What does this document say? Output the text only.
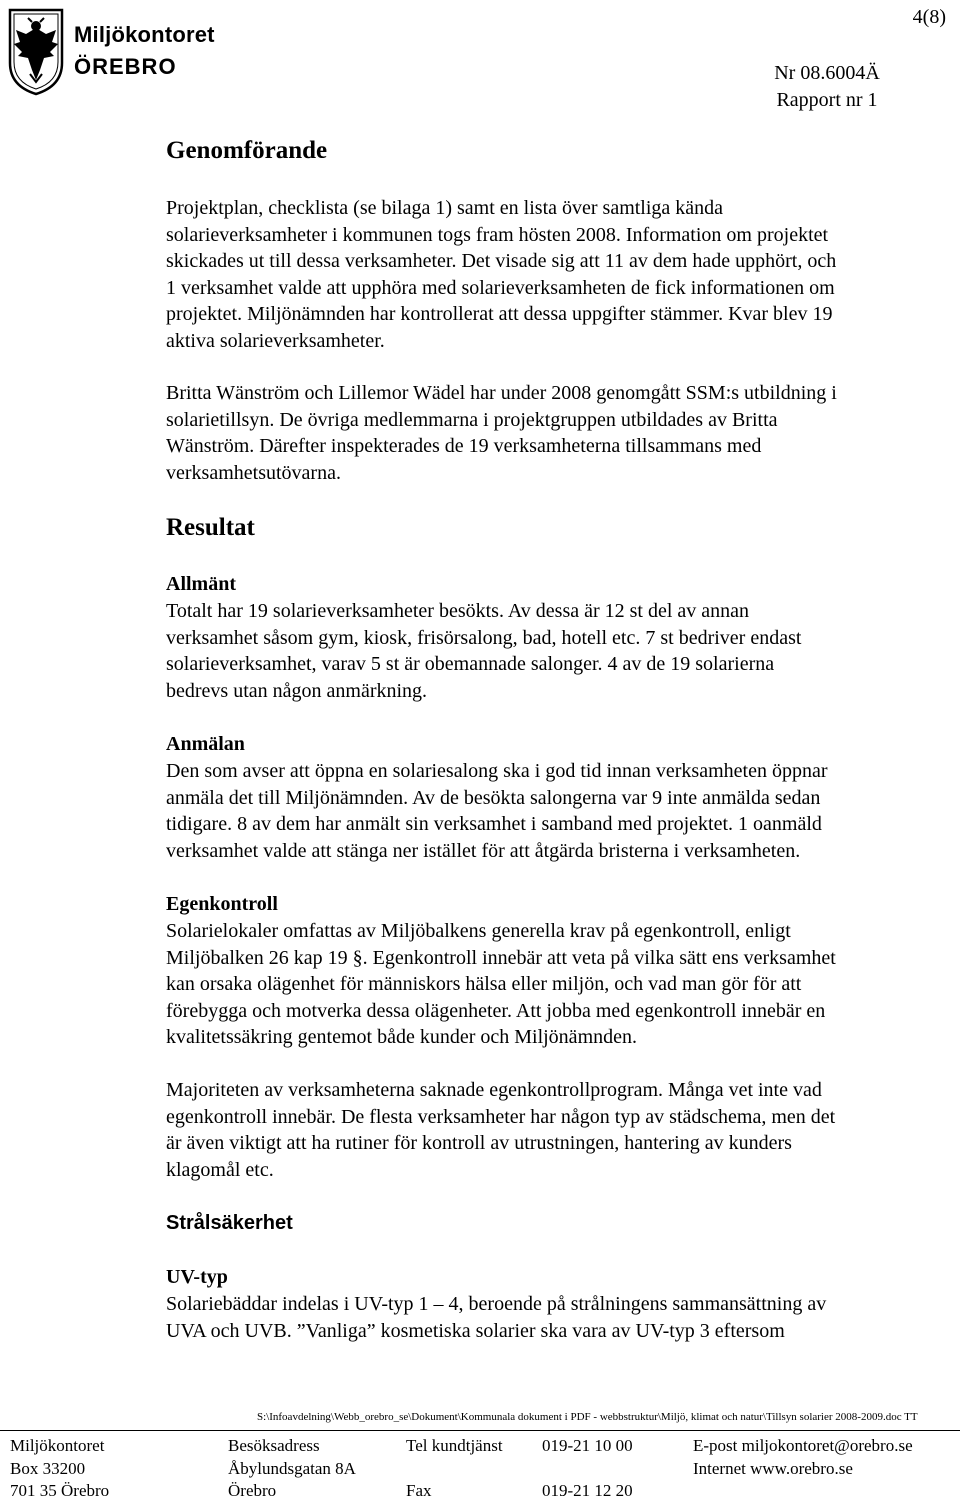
Miljökontoret
ÖREBRO
4(8)
Nr 08.6004Ä
Rapport nr 1
Genomförande
Projektplan, checklista (se bilaga 1) samt en lista över samtliga kända
solarieverksamheter i kommunen togs fram hösten 2008. Information om projektet
skickades ut till dessa verksamheter. Det visade sig att 11 av dem hade upphört, och
1 verksamhet valde att upphöra med solarieverksamheten de fick informationen om
projektet. Miljönämnden har kontrollerat att dessa uppgifter stämmer. Kvar blev 19
aktiva solarieverksamheter.
Britta Wänström och Lillemor Wädel har under 2008 genomgått SSM:s utbildning i
solarietillsyn. De övriga medlemmarna i projektgruppen utbildades av Britta
Wänström. Därefter inspekterades de 19 verksamheterna tillsammans med
verksamhetsutövarna.
Resultat
Allmänt
Totalt har 19 solarieverksamheter besökts. Av dessa är 12 st del av annan
verksamhet såsom gym, kiosk, frisörsalong, bad, hotell etc. 7 st bedriver endast
solarieverksamhet, varav 5 st är obemannade salonger. 4 av de 19 solarierna
bedrevs utan någon anmärkning.
Anmälan
Den som avser att öppna en solariesalong ska i god tid innan verksamheten öppnar
anmäla det till Miljönämnden. Av de besökta salongerna var 9 inte anmälda sedan
tidigare. 8 av dem har anmält sin verksamhet i samband med projektet. 1 oanmäld
verksamhet valde att stänga ner istället för att åtgärda bristerna i verksamheten.
Egenkontroll
Solarielokaler omfattas av Miljöbalkens generella krav på egenkontroll, enligt
Miljöbalken 26 kap 19 §. Egenkontroll innebär att veta på vilka sätt ens verksamhet
kan orsaka olägenhet för människors hälsa eller miljön, och vad man gör för att
förebygga och motverka dessa olägenheter. Att jobba med egenkontroll innebär en
kvalitetssäkring gentemot både kunder och Miljönämnden.
Majoriteten av verksamheterna saknade egenkontrollprogram. Många vet inte vad
egenkontroll innebär. De flesta verksamheter har någon typ av städschema, men det
är även viktigt att ha rutiner för kontroll av utrustningen, hantering av kunders
klagomål etc.
Strålsäkerhet
UV-typ
Solariebäddar indelas i UV-typ 1 – 4, beroende på strålningens sammansättning av
UVA och UVB. ”Vanliga” kosmetiska solarier ska vara av UV-typ 3 eftersom
S:\Infoavdelning\Webb_orebro_se\Dokument\Kommunala dokument i PDF - webbstruktur\Miljö, klimat och natur\Tillsyn solarier 2008-2009.doc TT
Miljökontoret
Box 33200
701 35 Örebro
Besöksadress
Åbylundsgatan 8A
Örebro
Tel kundtjänst

Fax
019-21 10 00

019-21 12 20
E-post miljokontoret@orebro.se
Internet www.orebro.se
